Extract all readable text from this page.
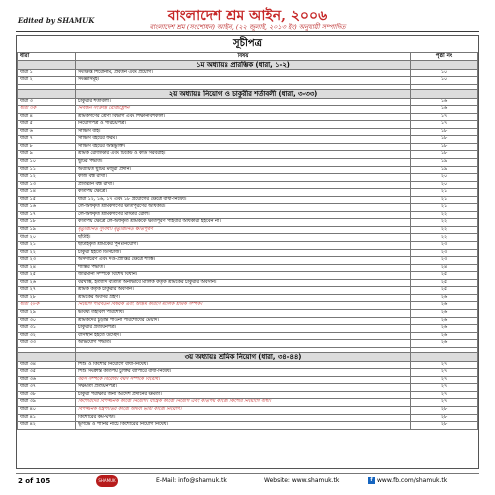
Edited by SHAMUK	বাংলাদেশ শ্রম আইন, ২০০৬
বাংলাদেশ শ্রম (সংশোধন) আইন, (২২ জুলাই, ২০১৩ ইং) অনুযায়ী সম্পাদিত
সূচীপত্র
ধারা	বিষয়	পৃষ্ঠা নং
	১ম অধ্যায়ঃ প্রারম্ভিক (ধারা, ১-২)	
ধারা ১	সংক্ষিপ্ত শিরোনাম, প্রবর্তন এবং প্রয়োগ।	১০
ধারা ২	সংজ্ঞাসমূহ।	১০

	২য় অধ্যায়ঃ নিয়োগ ও চাকুরীর শর্তাবলী (ধারা, ৩-৩৩)	
ধারা ৩	চাকুরীর শর্তাবলী।	১৬
ধারা ৩ক	নিবন্ধন সংক্রান্ত রেজিষ্ট্রেশন	১৬
ধারা ৪	শ্রমিকগণের শ্রেণী বিভাগ এবং শিক্ষানবিশকাল।	১৭
ধারা ৫	নিয়োগপত্র ও পরিচয়পত্র।	১৭
ধারা ৬	সার্ভিস বহি।	১৮
ধারা ৭	সার্ভিস বইয়ের ফরম।	১৮
ধারা ৮	সার্ভিস বইয়ের অন্তর্ভুক্তি।	১৮
ধারা ৯	শ্রমিক রেজিস্টার এবং টিকেট ও কার্ড সরবরাহ।	১৮
ধারা ১০	ছুটির পদ্ধতি।	১৯
ধারা ১১	অব্যয়িত ছুটির মজুরী প্রদান।	১৯
ধারা ১২	কাজ বন্ধ রাখা।	২০
ধারা ১৩	প্রতিষ্ঠান বন্ধ রাখা।	২০
ধারা ১৪	কতিপয় ক্ষেত্রে।	২১
ধারা ১৫	ধারা ১২, ১৬, ১৭ এবং ১৮ প্রয়োগের ক্ষেত্রে বাধা-নিষেধ।	২১
ধারা ১৬	লে-অফকৃত শ্রমিকগণের ক্ষতিপূরণের অধিকার।	২১
ধারা ১৭	লে-অফকৃত শ্রমিকগণের মাস্টার রোল।	২২
ধারা ১৮	কতিপয় ক্ষেত্রে লে-অফকৃত শ্রমিককে ক্ষতিপূরণ পাইবার অধিকারী হইবেন না।	২২
ধারা ১৯	মৃত্যুজনিত সুবিধা। মৃত্যুজনিত ক্ষতিপূরণ	২২
ধারা ২০	ছাঁটাই।	২২
ধারা ২১	ছাঁটাইকৃত শ্রমিকের পুনঃনিয়োগ।	২৩
ধারা ২২	চাকুরী হইতে ডিসচার্জ।	২৩
ধারা ২৩	অসদাচরণ এবং দণ্ড-প্রাপ্তির ক্ষেত্রে শাস্তি।	২৩
ধারা ২৪	শাস্তির পদ্ধতি।	২৪
ধারা ২৫	জরিমানা সম্পর্কে বিশেষ বিধান।	২৫
ধারা ২৬	বরখাস্ত, ইত্যাদি ব্যতীত অন্যভাবে মালিক কর্তৃক শ্রমিকের চাকুরীর অবসান।	২৫
ধারা ২৭	শ্রমিক কর্তৃক চাকুরীর অবসান।	২৫
ধারা ২৮	শ্রমিকের অবসর গ্রহণ।	২৬
ধারা ২৮ক	নিয়োগ পরিবর্তন বিষয়ক এবং অন্তিম কারণে মালিক শ্রমিক সম্পর্ক।	২৬
ধারা ২৯	ভবিষ্য তহবিল পরিশোধ।	২৬
ধারা ৩০	শ্রমিকদের চূড়ান্ত পাওনা পরিশোধের মেয়াদ।	২৬
ধারা ৩১	চাকুরীর প্রত্যয়নপত্র।	২৬
ধারা ৩২	বাসস্থান হইতে উচ্ছেদ।	২৬
ধারা ৩৩	অভিযোগ পদ্ধতি।	২৬

	৩য় অধ্যায়ঃ শ্রমিক নিয়োগ (ধারা, ৩৪-৪৪)	
ধারা ৩৪	শিশু ও কিশোর নিয়োগে বাধা-নিষেধ।	২৭
ধারা ৩৫	শিশু সংক্রান্ত কতিপয় চুক্তির ব্যাপারে বাধা-নিষেধ।	২৭
ধারা ৩৬	বয়স সম্পর্কে বিরোধ। বয়স সম্পর্কে বিরোধ।	২৭
ধারা ৩৭	সক্ষমতা প্রত্যয়নপত্র।	২৭
ধারা ৩৮	চাকুরী পরীক্ষার জন্য আদেশ প্রদানের ক্ষমতা।	২৭
ধারা ৩৯	কিশোরদের বিপজ্জনক কাজে নিয়োগ। যান্ত্রিক কাজে নিয়োগ এবং কতিপয় কাজে কিশোর নিয়োগে বাধা।	২৭
ধারা ৪০	বিপজ্জনক যন্ত্রপাতির কাজে অথবা ভারী কাজে নিয়োগ।	২৮
ধারা ৪১	কিশোরের কর্ম-ঘণ্টা।	২৮
ধারা ৪২	ভূগর্ভে ও পানির নীচে কিশোরের নিয়োগ নিষেধ।	২৮
2 of 105	SHAMUK	E-Mail: info@shamuk.tk	Website: www.shamuk.tk	f www.fb.com/shamuk.tk
